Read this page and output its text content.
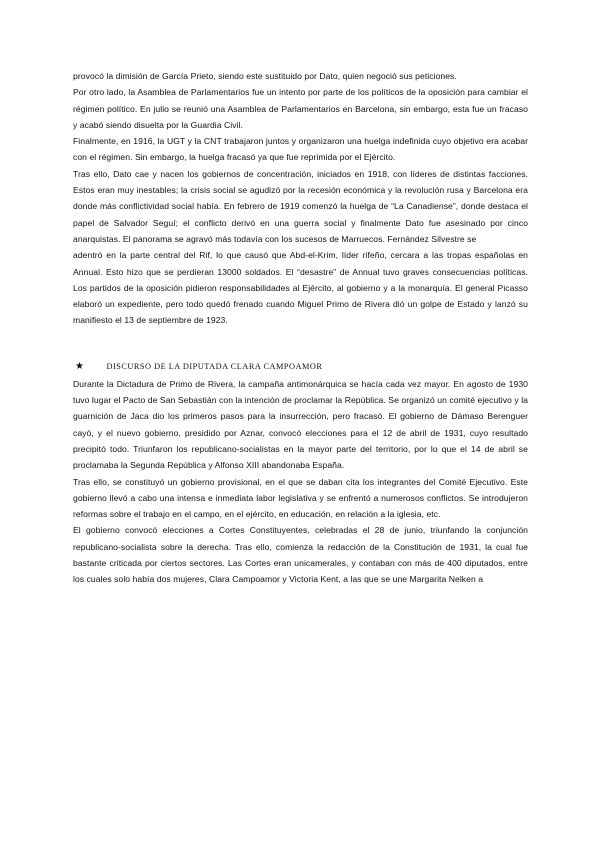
provocó la dimisión de García Prieto, siendo este sustituido por Dato, quien negoció sus peticiones.

Por otro lado, la Asamblea de Parlamentarios fue un intento por parte de los políticos de la oposición para cambiar el régimen político. En julio se reunió una Asamblea de Parlamentarios en Barcelona, sin embargo, esta fue un fracaso y acabó siendo disuelta por la Guardia Civil.

Finalmente, en 1916, la UGT y la CNT trabajaron juntos y organizaron una huelga indefinida cuyo objetivo era acabar con el régimen. Sin embargo, la huelga fracasó ya que fue reprimida por el Ejército.

Tras ello, Dato cae y nacen los gobiernos de concentración, iniciados en 1918, con líderes de distintas facciones. Estos eran muy inestables; la crisis social se agudizó por la recesión económica y la revolución rusa y Barcelona era donde más conflictividad social había. En febrero de 1919 comenzó la huelga de “La Canadiense”, donde destaca el papel de Salvador Seguí; el conflicto derivó en una guerra social y finalmente Dato fue asesinado por cinco anarquistas. El panorama se agravó más todavía con los sucesos de Marruecos. Fernández Silvestre se

adentró en la parte central del Rif, lo que causó que Abd-el-Krim, líder rifeño, cercara a las tropas españolas en Annual. Esto hizo que se perdieran 13000 soldados. El “desastre” de Annual tuvo graves consecuencias políticas. Los partidos de la oposición pidieron responsabilidades al Ejército, al gobierno y a la monarquía. El general Picasso elaboró un expediente, pero todo quedó frenado cuando Miguel Primo de Rivera dió un golpe de Estado y lanzó su manifiesto el 13 de septiembre de 1923.

★	DISCURSO DE LA DIPUTADA CLARA CAMPOAMOR

Durante la Dictadura de Primo de Rivera, la campaña antimonárquica se hacía cada vez mayor. En agosto de 1930 tuvo lugar el Pacto de San Sebastián con la intención de proclamar la República. Se organizó un comité ejecutivo y la guarnición de Jaca dio los primeros pasos para la insurrección, pero fracasó. El gobierno de Dámaso Berenguer cayó, y el nuevo gobierno, presidido por Aznar, convocó elecciones para el 12 de abril de 1931, cuyo resultado precipitó todo. Triunfaron los republicano-socialistas en la mayor parte del territorio, por lo que el 14 de abril se proclamaba la Segunda República y Alfonso XIII abandonaba España.

Tras ello, se constituyó un gobierno provisional, en el que se daban cita los integrantes del Comité Ejecutivo. Este gobierno llevó a cabo una intensa e inmediata labor legislativa y se enfrentó a numerosos conflictos. Se introdujeron reformas sobre el trabajo en el campo, en el ejército, en educación, en relación a la iglesia, etc.

El gobierno convocó elecciones a Cortes Constituyentes, celebradas el 28 de junio, triunfando la conjunción republicano-socialista sobre la derecha. Tras ello, comienza la redacción de la Constitución de 1931, la cual fue bastante criticada por ciertos sectores. Las Cortes eran unicamerales, y contaban con más de 400 diputados, entre los cuales solo había dos mujeres, Clara Campoamor y Victoria Kent, a las que se une Margarita Nelken a
